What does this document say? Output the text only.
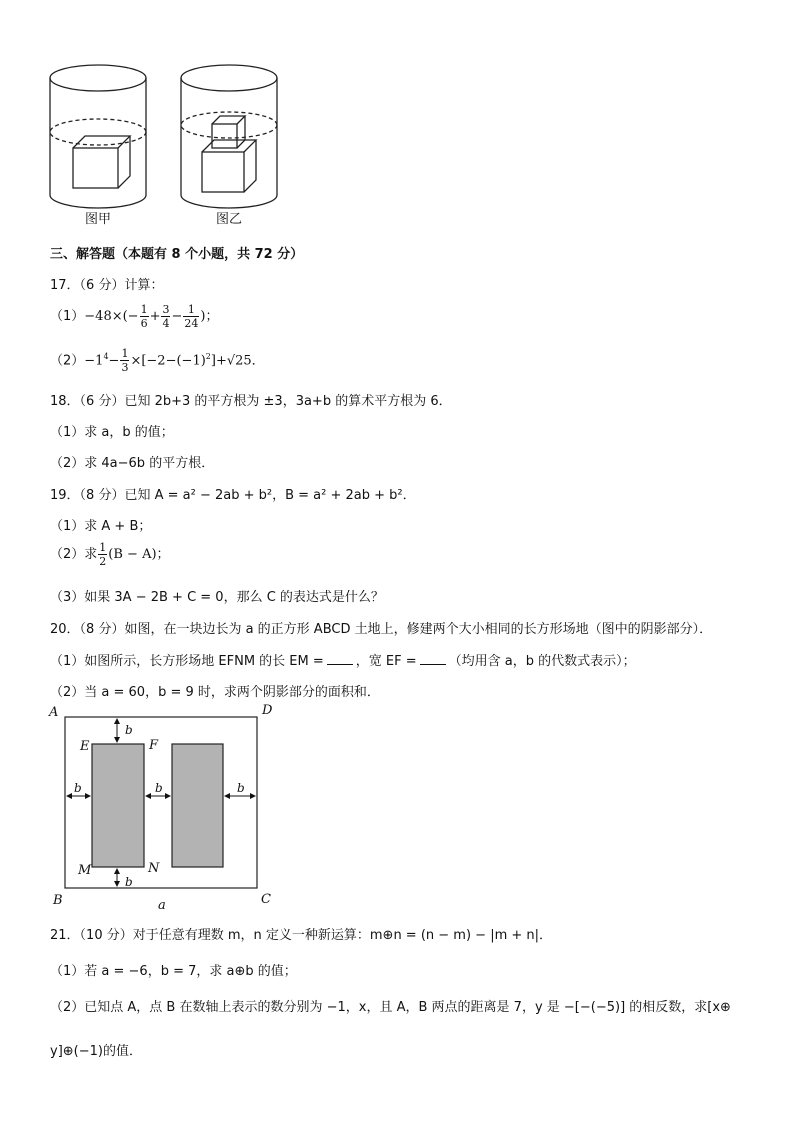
图甲	图乙
三、解答题（本题有 8 个小题，共 72 分）
17．（6 分）计算：
$(1)-48\times(- \frac{1}{6} + \frac{3}{4} - \frac{1}{24}$ )；
$(2)-1^4- \frac{1}{3} \times[-2-(-1)^2]+√25$．
18．（6 分）已知 2b+3 的平方根为 ±3，3a+b 的算术平方根为 6．
（1）求 a，b 的值；
（2）求 4a−6b 的平方根．
19．（8 分）已知 A = a² − 2ab + b²，B = a² + 2ab + b²．
（1）求 A + B；
（2）求 $\frac{1}{2} (B - A)$；
（3）如果 3A − 2B + C = 0，那么 C 的表达式是什么？
20．（8 分）如图，在一块边长为 a 的正方形 ABCD 土地上，修建两个大小相同的长方形场地（图中的阴影部分）．
（1）如图所示，长方形场地 EFNM 的长 EM = ，宽 EF = （均用含 a，b 的代数式表示）；
（2）当 a = 60，b = 9 时，求两个阴影部分的面积和．
A	D
B	C
E	F
M	N
b
b
b	b	b
a
21．（10 分）对于任意有理数 m，n 定义一种新运算：m⊕n = (n − m) − |m + n|．
（1）若 a = −6，b = 7，求 a⊕b 的值；
（2）已知点 A，点 B 在数轴上表示的数分别为 −1，x，且 A，B 两点的距离是 7，y 是 −[−(−5)] 的相反数，求[x⊕
y]⊕(−1)的值．
